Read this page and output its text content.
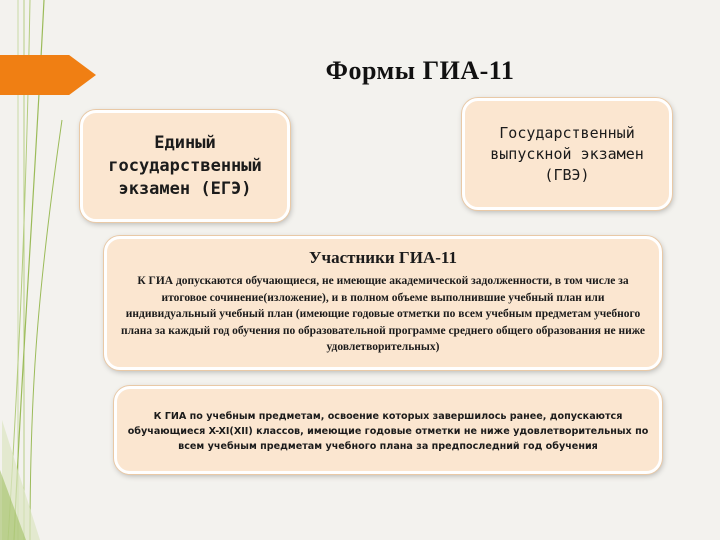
Формы ГИА-11
Единый государственный экзамен (ЕГЭ)
Государственный выпускной экзамен (ГВЭ)
Участники ГИА-11
К ГИА допускаются обучающиеся, не имеющие академической задолженности, в том числе за итоговое сочинение(изложение), и в полном объеме выполнившие учебный план или индивидуальный учебный план (имеющие годовые отметки по всем учебным предметам учебного плана за каждый год обучения по образовательной программе среднего общего образования не ниже удовлетворительных)
К ГИА по учебным предметам, освоение которых завершилось ранее, допускаются обучающиеся X-XI(XII) классов, имеющие годовые отметки не ниже удовлетворительных по всем учебным предметам учебного плана за предпоследний год обучения
